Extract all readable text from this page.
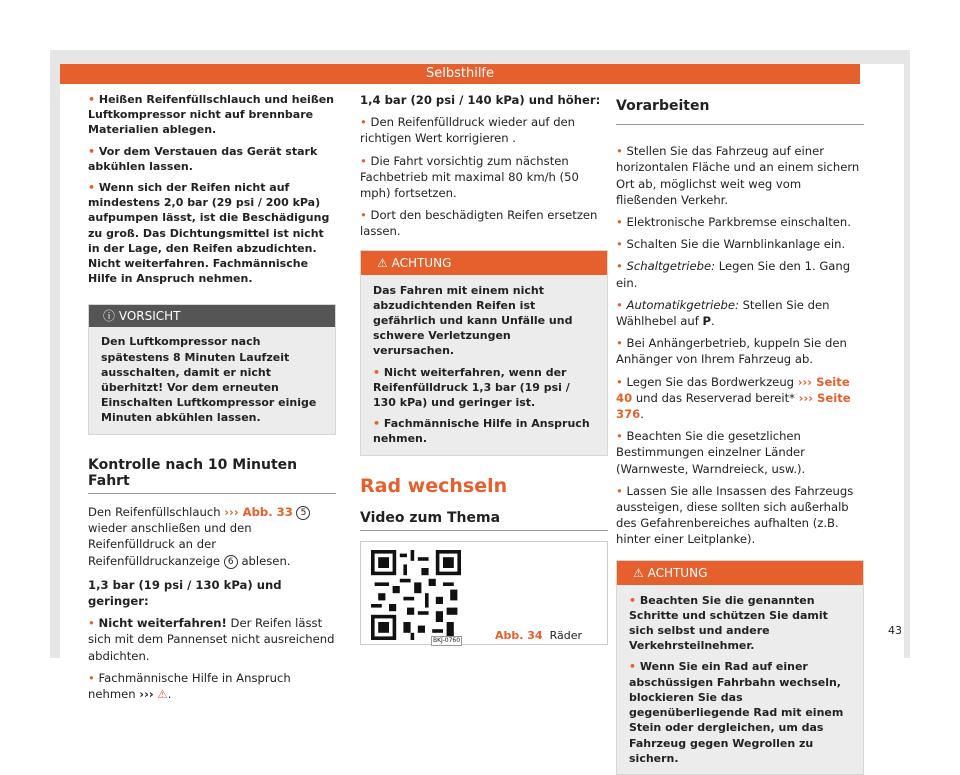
Selbsthilfe

• Heißen Reifenfüllschlauch und heißen Luftkompressor nicht auf brennbare Materialien ablegen.

• Vor dem Verstauen das Gerät stark abkühlen lassen.

• Wenn sich der Reifen nicht auf mindestens 2,0 bar (29 psi / 200 kPa) aufpumpen lässt, ist die Beschädigung zu groß. Das Dichtungsmittel ist nicht in der Lage, den Reifen abzudichten. Nicht weiterfahren. Fachmännische Hilfe in Anspruch nehmen.

ⓘ VORSICHT
Den Luftkompressor nach spätestens 8 Minuten Laufzeit ausschalten, damit er nicht überhitzt! Vor dem erneuten Einschalten Luftkompressor einige Minuten abkühlen lassen.
Kontrolle nach 10 Minuten Fahrt

Den Reifenfüllschlauch ››› Abb. 33 5 wieder anschließen und den Reifenfülldruck an der Reifenfülldruckanzeige 6 ablesen.

1,3 bar (19 psi / 130 kPa) und geringer:

• Nicht weiterfahren! Der Reifen lässt sich mit dem Pannenset nicht ausreichend abdichten.

• Fachmännische Hilfe in Anspruch nehmen ››› ⚠.

1,4 bar (20 psi / 140 kPa) und höher:

• Den Reifenfülldruck wieder auf den richtigen Wert korrigieren .

• Die Fahrt vorsichtig zum nächsten Fachbetrieb mit maximal 80 km/h (50 mph) fortsetzen.

• Dort den beschädigten Reifen ersetzen lassen.

⚠ ACHTUNG

Das Fahren mit einem nicht abzudichtenden Reifen ist gefährlich und kann Unfälle und schwere Verletzungen verursachen.

• Nicht weiterfahren, wenn der Reifenfülldruck 1,3 bar (19 psi / 130 kPa) und geringer ist.

• Fachmännische Hilfe in Anspruch nehmen.

Rad wechseln
Video zum Thema
BKJ-0760	Abb. 34 Räder
Vorarbeiten

• Stellen Sie das Fahrzeug auf einer horizontalen Fläche und an einem sichern Ort ab, möglichst weit weg vom fließenden Verkehr.

• Elektronische Parkbremse einschalten.

• Schalten Sie die Warnblinkanlage ein.

• Schaltgetriebe: Legen Sie den 1. Gang ein.

• Automatikgetriebe: Stellen Sie den Wählhebel auf P.

• Bei Anhängerbetrieb, kuppeln Sie den Anhänger von Ihrem Fahrzeug ab.

• Legen Sie das Bordwerkzeug ››› Seite 40 und das Reserverad bereit* ››› Seite 376.

• Beachten Sie die gesetzlichen Bestimmungen einzelner Länder (Warnweste, Warndreieck, usw.).

• Lassen Sie alle Insassen des Fahrzeugs aussteigen, diese sollten sich außerhalb des Gefahrenbereiches aufhalten (z.B. hinter einer Leitplanke).

⚠ ACHTUNG

• Beachten Sie die genannten Schritte und schützen Sie damit sich selbst und andere Verkehrsteilnehmer.

• Wenn Sie ein Rad auf einer abschüssigen Fahrbahn wechseln, blockieren Sie das gegenüberliegende Rad mit einem Stein oder dergleichen, um das Fahrzeug gegen Wegrollen zu sichern.

43
